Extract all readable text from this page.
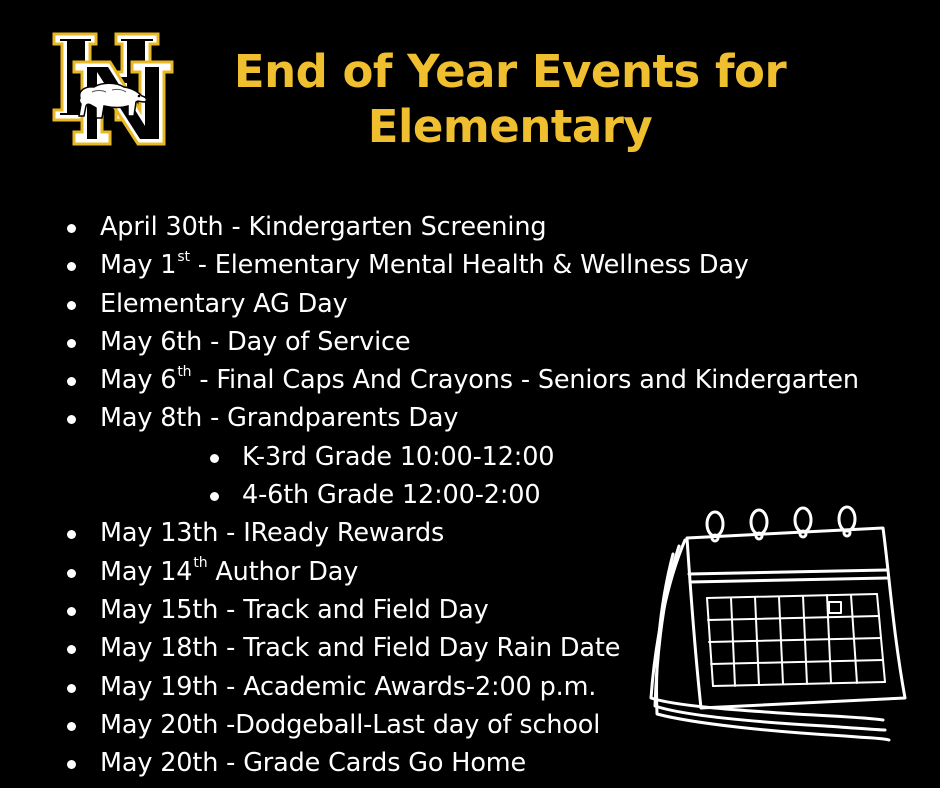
End of Year Events for
Elementary
April 30th - Kindergarten Screening
May 1st - Elementary Mental Health & Wellness Day
Elementary AG Day
May 6th - Day of Service
May 6th - Final Caps And Crayons - Seniors and Kindergarten
May 8th - Grandparents Day
K-3rd Grade 10:00-12:00
4-6th Grade 12:00-2:00
May 13th - IReady Rewards
May 14th Author Day
May 15th - Track and Field Day
May 18th - Track and Field Day Rain Date
May 19th - Academic Awards-2:00 p.m.
May 20th -Dodgeball-Last day of school
May 20th - Grade Cards Go Home
